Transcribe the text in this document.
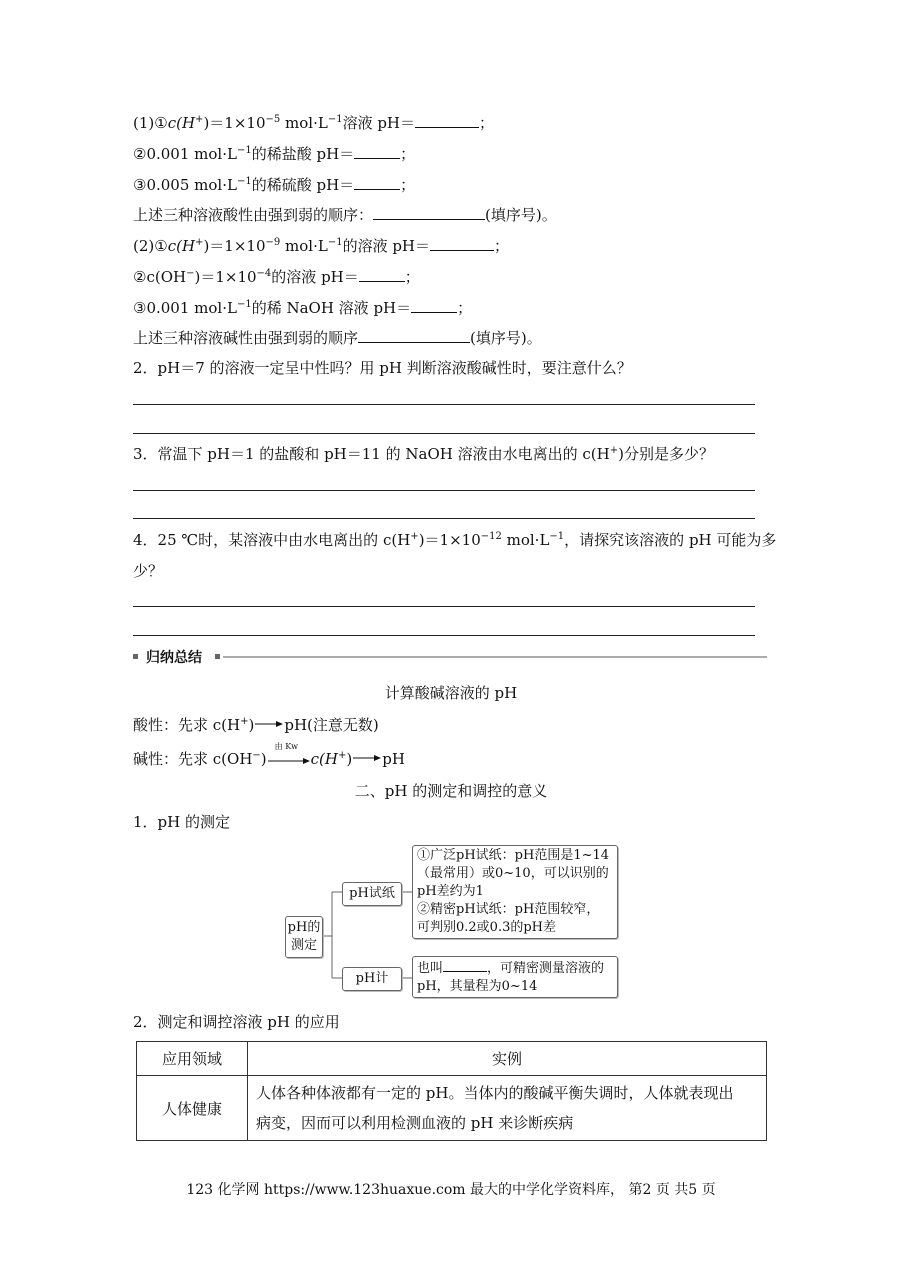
$(1)①c(H^+)=1\times 10^{-5}$ $mol\cdot L^{-1}$溶液 pH＝	；
②0.001 $mol\cdot L^{-1}$的稀盐酸 pH＝	；
③0.005 $mol\cdot L^{-1}$的稀硫酸 pH＝	；
上述三种溶液酸性由强到弱的顺序：	(填序号)。
$(2)①c(H^+)=1\times 10^{-9}$ $mol\cdot L^{-1}$的溶液 pH＝	；
$②c(OH^-)=1\times 10^{-4}$的溶液 pH＝	；
③0.001 $mol\cdot L^{-1}$的稀 NaOH 溶液 pH＝	；
上述三种溶液碱性由强到弱的顺序	(填序号)。
2．pH＝7 的溶液一定呈中性吗？用 pH 判断溶液酸碱性时，要注意什么？
3．常温下 pH＝1 的盐酸和 pH＝11 的 NaOH 溶液由水电离出的 c(H+)分别是多少？
4．25 ℃时，某溶液中由水电离出的 $c(H^+)=1\times 10^{-12}$ $mol\cdot L^{-1}$，请探究该溶液的 pH 可能为多
少？
归纳总结
计算酸碱溶液的 pH
酸性：先求 c(H+) pH(注意无数)
碱性：先求 c(OH−)
由 Kw
c(H+) pH
二、pH 的测定和调控的意义
1．pH 的测定
pH的
测定
pH试纸
pH计
①广泛pH试纸：pH范围是1~14
（最常用）或0~10，可以识别的
pH差约为1
②精密pH试纸：pH范围较窄，
可判别0.2或0.3的pH差
也叫	，可精密测量溶液的
pH，其量程为0~14
2．测定和调控溶液 pH 的应用
应用领域	实例
人体健康	人体各种体液都有一定的 pH。当体内的酸碱平衡失调时，人体就表现出
病变，因而可以利用检测血液的 pH 来诊断疾病
123 化学网 https://www.123huaxue.com 最大的中学化学资料库， 第2 页 共5 页
